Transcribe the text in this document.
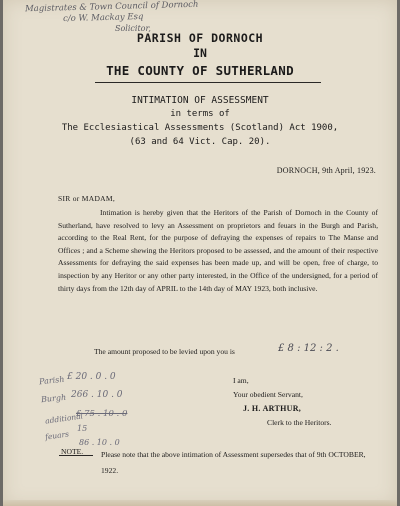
Magistrates & Town Council of Dornoch
c/o W. Mackay Esq
Solicitor,
PARISH OF DORNOCH
IN
THE COUNTY OF SUTHERLAND
INTIMATION OF ASSESSMENT
in terms of
The Ecclesiastical Assessments (Scotland) Act 1900,
(63 and 64 Vict. Cap. 20).
DORNOCH, 9th April, 1923.
SIR or MADAM,

Intimation is hereby given that the Heritors of the Parish of Dornoch in the County of Sutherland, have resolved to levy an Assessment on proprietors and feuars in the Burgh and Parish, according to the Real Rent, for the purpose of defraying the expenses of repairs to The Manse and Offices ; and a Scheme shewing the Heritors proposed to be assessed, and the amount of their respective Assessments for defraying the said expenses has been made up, and will be open, free of charge, to inspection by any Heritor or any other party interested, in the Office of the undersigned, for a period of thirty days from the 12th day of APRIL to the 14th day of MAY 1923, both inclusive.

The amount proposed to be levied upon you is	£ 8 : 12 : 2 .
I am,
Your obedient Servant,
J. H. ARTHUR,
Clerk to the Heritors.
Parish £ 20 . 0 . 0
Burgh 266 . 10 . 0
additional
£ 75 . 10 . 0
feuars
15
86 . 10 . 0
NOTE. Please note that the above intimation of Assessment supersedes that of 9th OCTOBER, 1922.
